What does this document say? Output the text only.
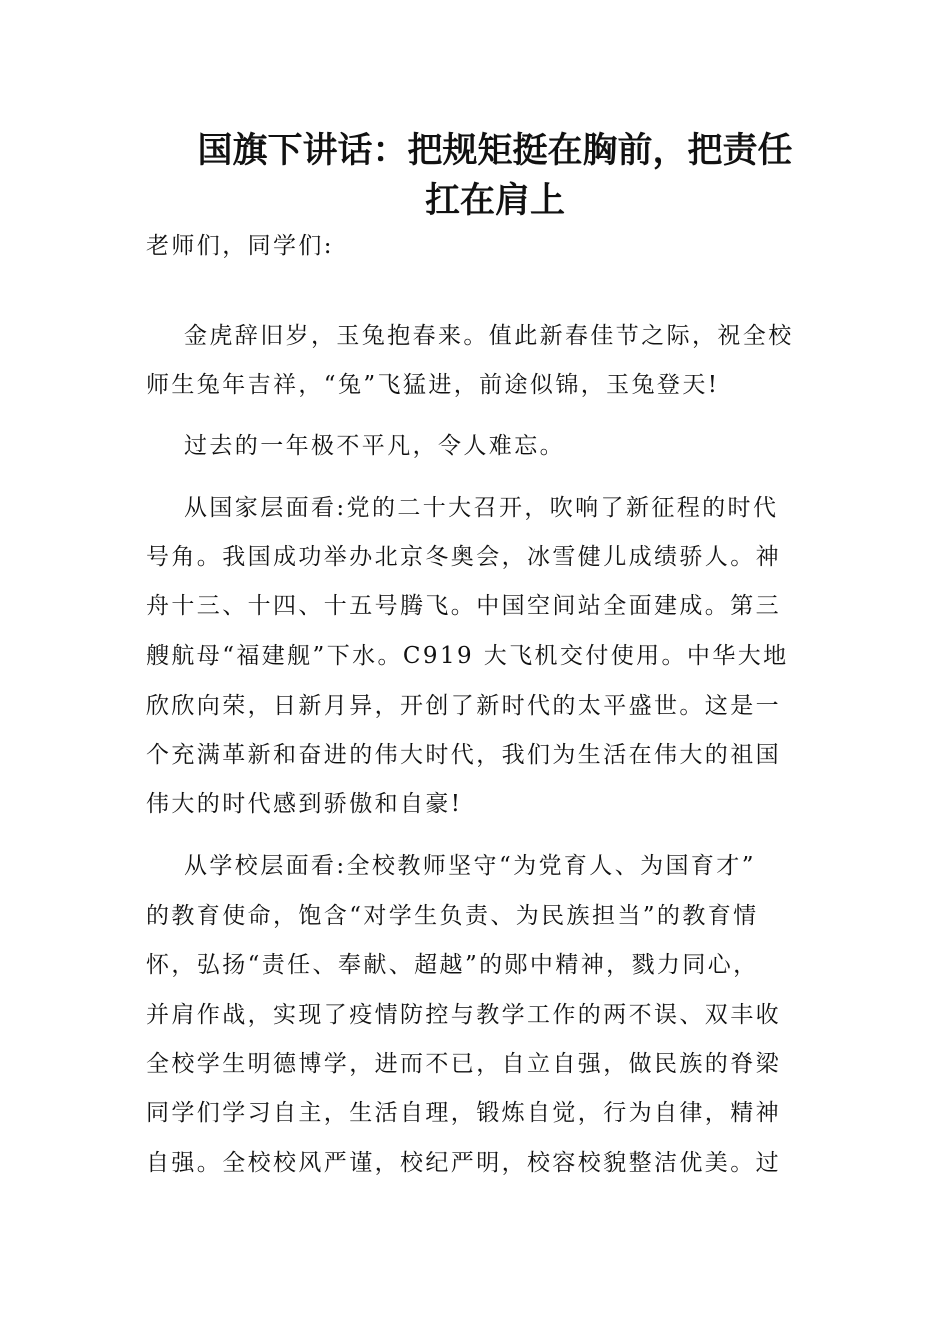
国旗下讲话：把规矩挺在胸前，把责任
扛在肩上
老师们，同学们:
金虎辞旧岁，玉兔抱春来。值此新春佳节之际，祝全校
师生兔年吉祥，“兔”飞猛进，前途似锦，玉兔登天!
过去的一年极不平凡，令人难忘。
从国家层面看:党的二十大召开，吹响了新征程的时代
号角。我国成功举办北京冬奥会，冰雪健儿成绩骄人。神
舟十三、十四、十五号腾飞。中国空间站全面建成。第三
艘航母“福建舰”下水。C919 大飞机交付使用。中华大地
欣欣向荣，日新月异，开创了新时代的太平盛世。这是一
个充满革新和奋进的伟大时代，我们为生活在伟大的祖国
伟大的时代感到骄傲和自豪!
从学校层面看:全校教师坚守“为党育人、为国育才”
的教育使命，饱含“对学生负责、为民族担当”的教育情
怀，弘扬“责任、奉献、超越”的郧中精神，戮力同心，
并肩作战，实现了疫情防控与教学工作的两不误、双丰收
全校学生明德博学，进而不已，自立自强，做民族的脊梁
同学们学习自主，生活自理，锻炼自觉，行为自律，精神
自强。全校校风严谨，校纪严明，校容校貌整洁优美。过
